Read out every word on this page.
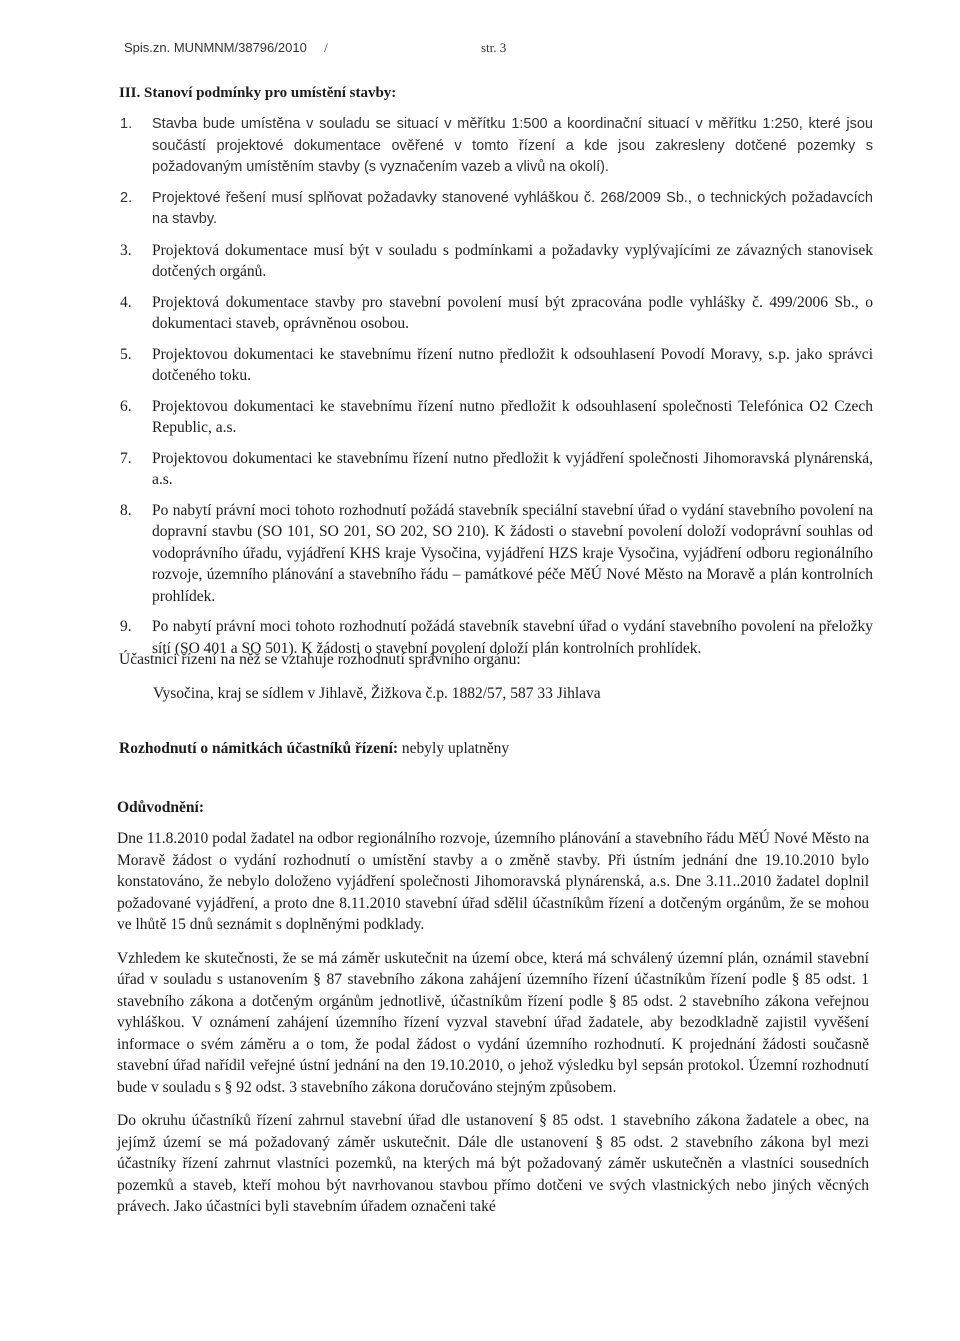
Spis.zn. MUNMNM/38796/2010 /	str. 3
III. Stanoví podmínky pro umístění stavby:
1. Stavba bude umístěna v souladu se situací v měřítku 1:500 a koordinační situací v měřítku 1:250, které jsou součástí projektové dokumentace ověřené v tomto řízení a kde jsou zakresleny dotčené pozemky s požadovaným umístěním stavby (s vyznačením vazeb a vlivů na okolí).
2. Projektové řešení musí splňovat požadavky stanovené vyhláškou č. 268/2009 Sb., o technických požadavcích na stavby.
3. Projektová dokumentace musí být v souladu s podmínkami a požadavky vyplývajícími ze závazných stanovisek dotčených orgánů.
4. Projektová dokumentace stavby pro stavební povolení musí být zpracována podle vyhlášky č. 499/2006 Sb., o dokumentaci staveb, oprávněnou osobou.
5. Projektovou dokumentaci ke stavebnímu řízení nutno předložit k odsouhlasení Povodí Moravy, s.p. jako správci dotčeného toku.
6. Projektovou dokumentaci ke stavebnímu řízení nutno předložit k odsouhlasení společnosti Telefónica O2 Czech Republic, a.s.
7. Projektovou dokumentaci ke stavebnímu řízení nutno předložit k vyjádření společnosti Jihomoravská plynárenská, a.s.
8. Po nabytí právní moci tohoto rozhodnutí požádá stavebník speciální stavební úřad o vydání stavebního povolení na dopravní stavbu (SO 101, SO 201, SO 202, SO 210). K žádosti o stavební povolení doloží vodoprávní souhlas od vodoprávního úřadu, vyjádření KHS kraje Vysočina, vyjádření HZS kraje Vysočina, vyjádření odboru regionálního rozvoje, územního plánování a stavebního řádu – památkové péče MěÚ Nové Město na Moravě a plán kontrolních prohlídek.
9. Po nabytí právní moci tohoto rozhodnutí požádá stavebník stavební úřad o vydání stavebního povolení na přeložky sítí (SO 401 a SO 501). K žádosti o stavební povolení doloží plán kontrolních prohlídek.
Účastníci řízení na něž se vztahuje rozhodnutí správního orgánu:
Vysočina, kraj se sídlem v Jihlavě, Žižkova č.p. 1882/57, 587 33 Jihlava
Rozhodnutí o námitkách účastníků řízení: nebyly uplatněny
Odůvodnění:

Dne 11.8.2010 podal žadatel na odbor regionálního rozvoje, územního plánování a stavebního řádu MěÚ Nové Město na Moravě žádost o vydání rozhodnutí o umístění stavby a o změně stavby. Při ústním jednání dne 19.10.2010 bylo konstatováno, že nebylo doloženo vyjádření společnosti Jihomoravská plynárenská, a.s. Dne 3.11..2010 žadatel doplnil požadované vyjádření, a proto dne 8.11.2010 stavební úřad sdělil účastníkům řízení a dotčeným orgánům, že se mohou ve lhůtě 15 dnů seznámit s doplněnými podklady.

Vzhledem ke skutečnosti, že se má záměr uskutečnit na území obce, která má schválený územní plán, oznámil stavební úřad v souladu s ustanovením § 87 stavebního zákona zahájení územního řízení účastníkům řízení podle § 85 odst. 1 stavebního zákona a dotčeným orgánům jednotlivě, účastníkům řízení podle § 85 odst. 2 stavebního zákona veřejnou vyhláškou. V oznámení zahájení územního řízení vyzval stavební úřad žadatele, aby bezodkladně zajistil vyvěšení informace o svém záměru a o tom, že podal žádost o vydání územního rozhodnutí. K projednání žádosti současně stavební úřad nařídil veřejné ústní jednání na den 19.10.2010, o jehož výsledku byl sepsán protokol. Územní rozhodnutí bude v souladu s § 92 odst. 3 stavebního zákona doručováno stejným způsobem.

Do okruhu účastníků řízení zahrnul stavební úřad dle ustanovení § 85 odst. 1 stavebního zákona žadatele a obec, na jejímž území se má požadovaný záměr uskutečnit. Dále dle ustanovení § 85 odst. 2 stavebního zákona byl mezi účastníky řízení zahrnut vlastníci pozemků, na kterých má být požadovaný záměr uskutečněn a vlastníci sousedních pozemků a staveb, kteří mohou být navrhovanou stavbou přímo dotčeni ve svých vlastnických nebo jiných věcných právech. Jako účastníci byli stavebním úřadem označeni také
